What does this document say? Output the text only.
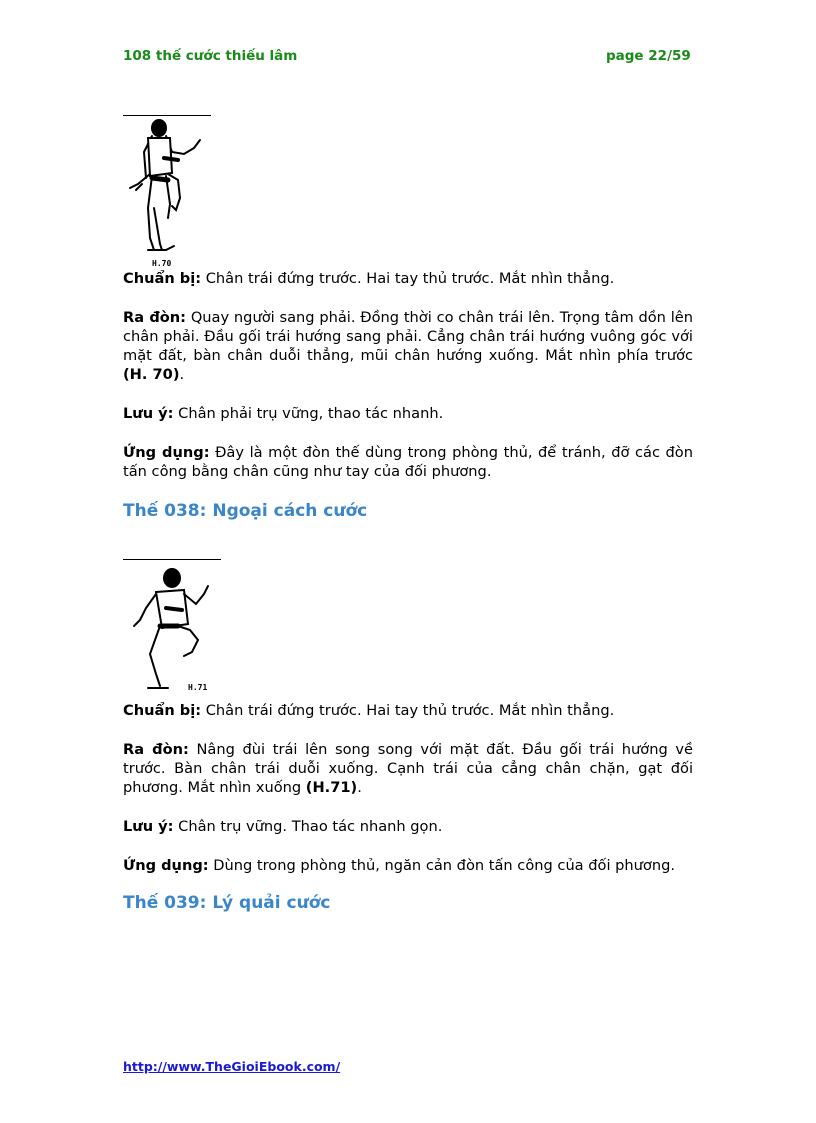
108 thế cước thiếu lâm	page 22/59
H.70

Chuẩn bị: Chân trái đứng trước. Hai tay thủ trước. Mắt nhìn thẳng.

Ra đòn: Quay người sang phải. Đồng thời co chân trái lên. Trọng tâm dồn lên chân phải. Đầu gối trái hướng sang phải. Cẳng chân trái hướng vuông góc với mặt đất, bàn chân duỗi thẳng, mũi chân hướng xuống. Mắt nhìn phía trước (H. 70).

Lưu ý: Chân phải trụ vững, thao tác nhanh.

Ứng dụng: Đây là một đòn thế dùng trong phòng thủ, để tránh, đỡ các đòn tấn công bằng chân cũng như tay của đối phương.

Thế 038: Ngoại cách cước
H.71

Chuẩn bị: Chân trái đứng trước. Hai tay thủ trước. Mắt nhìn thẳng.

Ra đòn: Nâng đùi trái lên song song với mặt đất. Đầu gối trái hướng về trước. Bàn chân trái duỗi xuống. Cạnh trái của cẳng chân chặn, gạt đối phương. Mắt nhìn xuống (H.71).

Lưu ý: Chân trụ vững. Thao tác nhanh gọn.

Ứng dụng: Dùng trong phòng thủ, ngăn cản đòn tấn công của đối phương.

Thế 039: Lý quải cước
http://www.TheGioiEbook.com/
